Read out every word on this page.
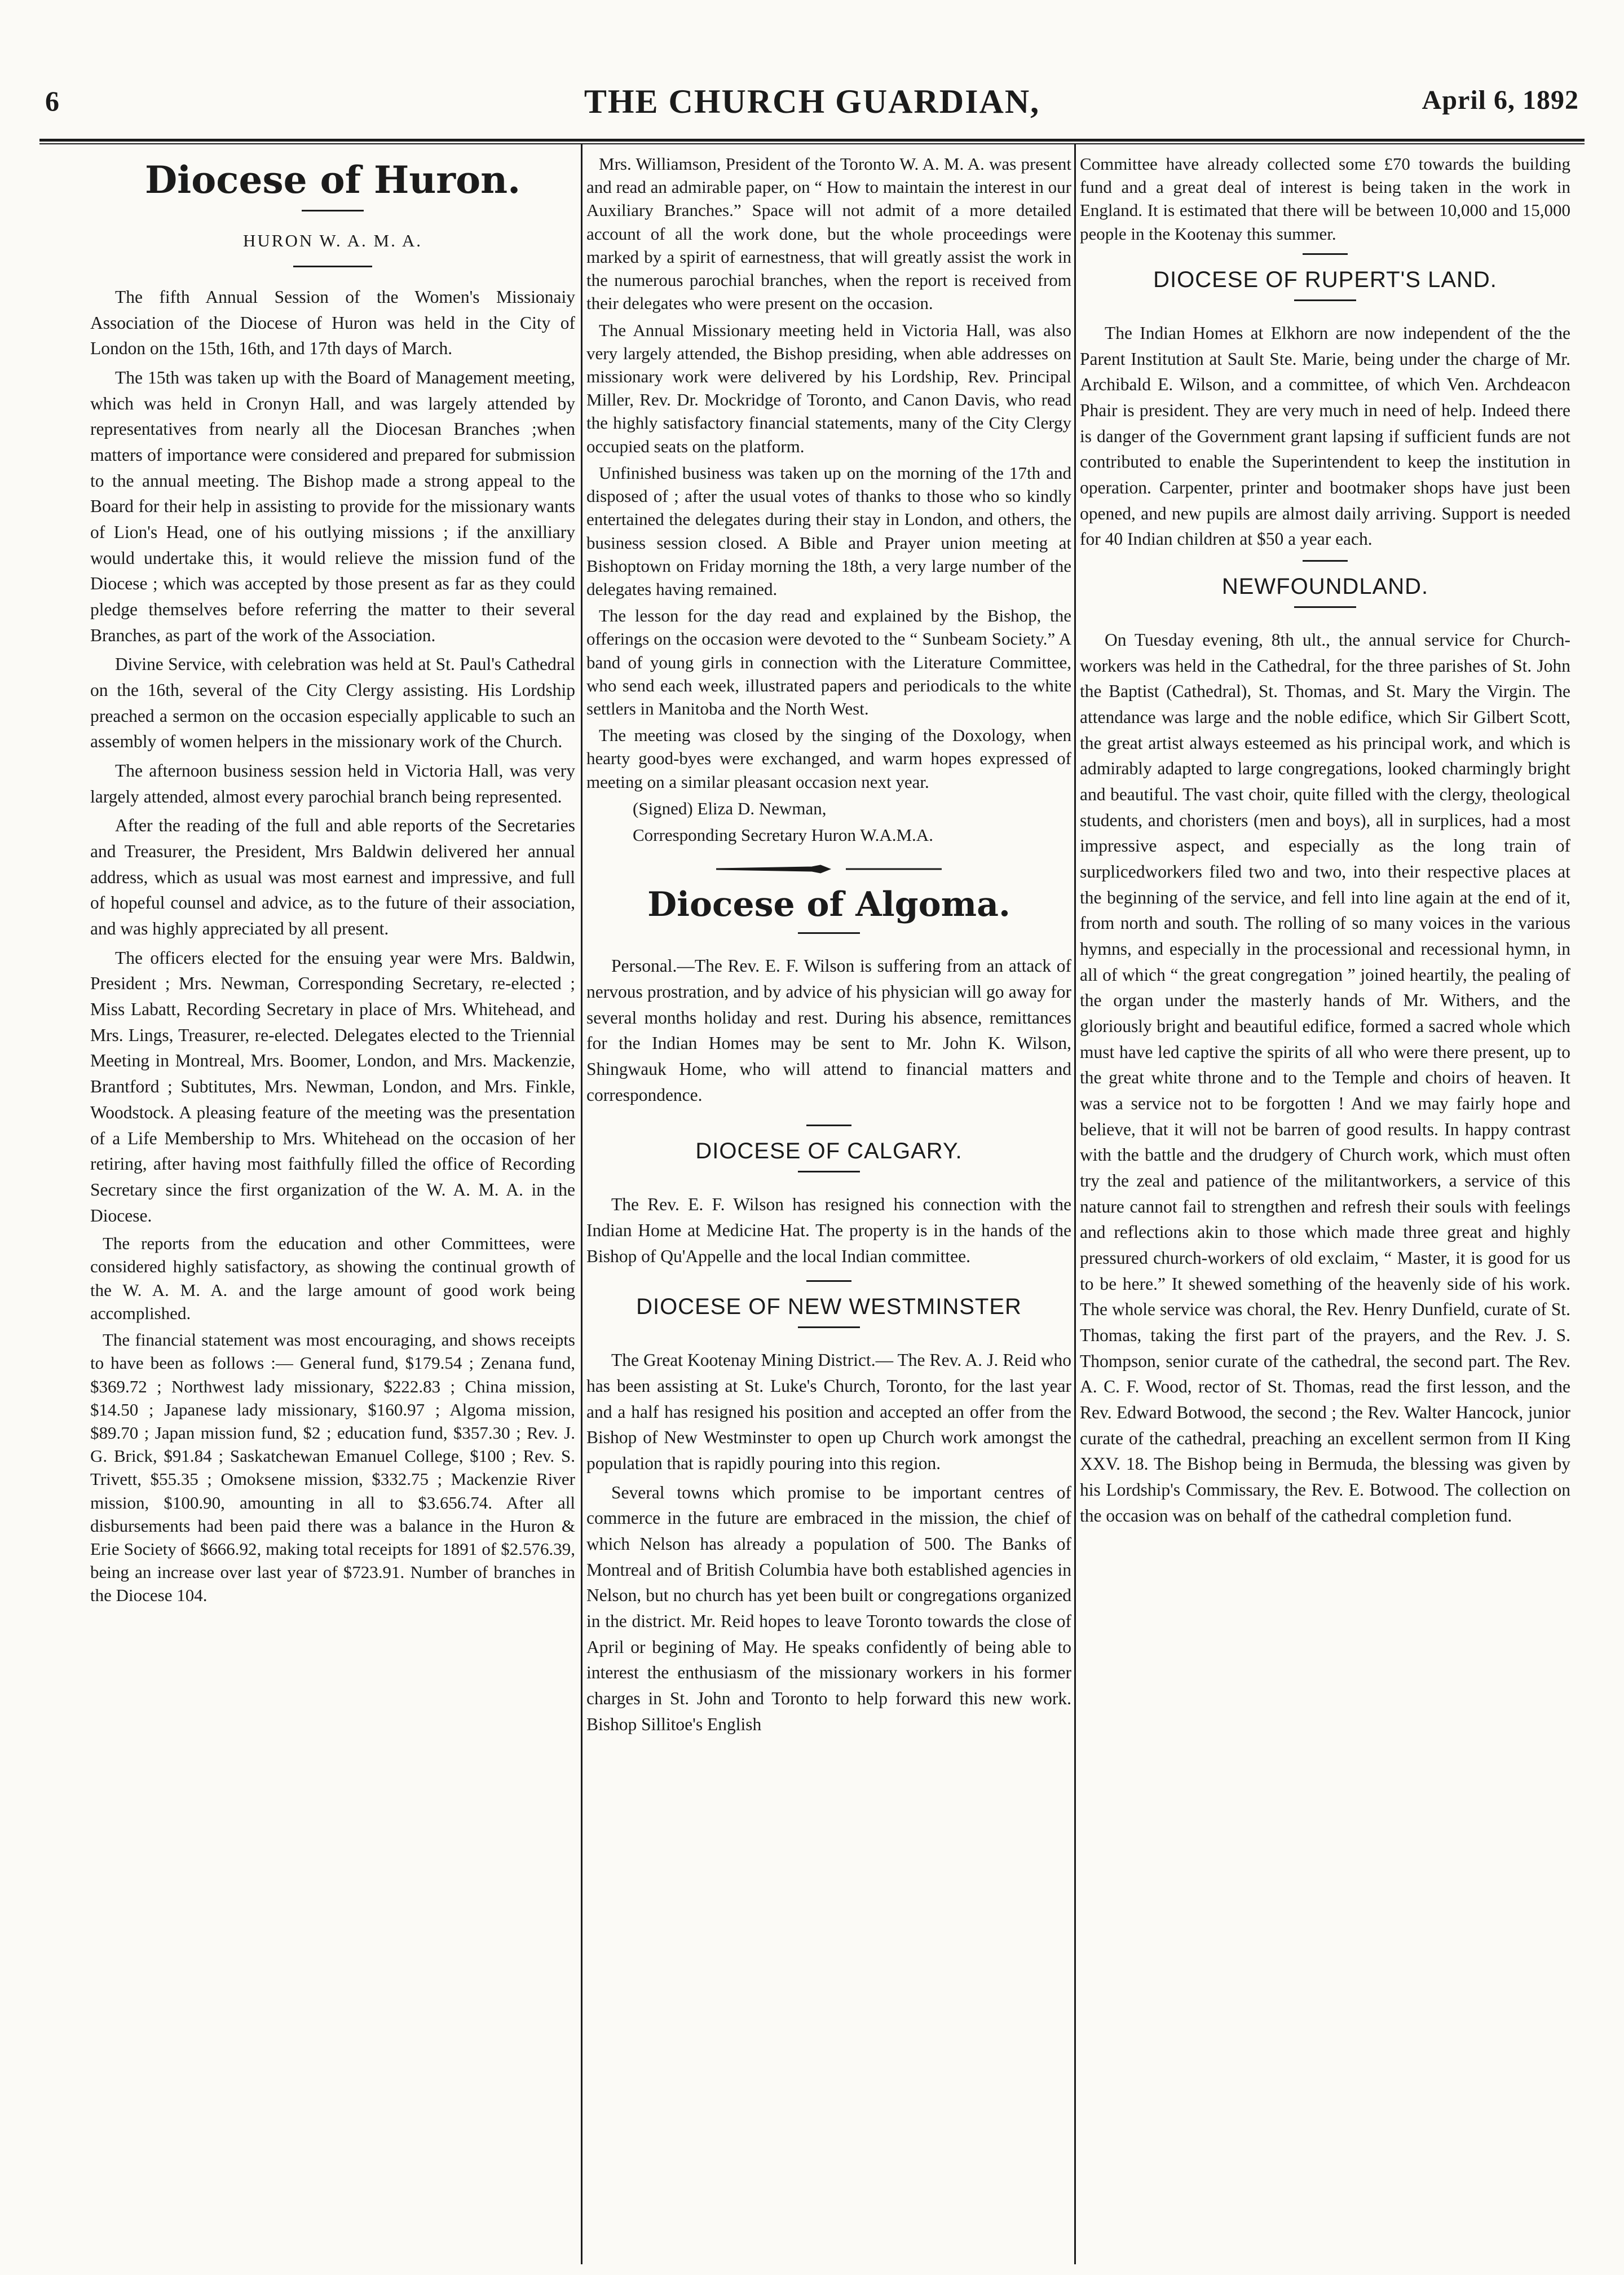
6	THE CHURCH GUARDIAN,	April 6, 1892
Diocese of Huron.
HURON W. A. M. A.

The fifth Annual Session of the Women's Missionaiy Association of the Diocese of Huron was held in the City of London on the 15th, 16th, and 17th days of March.

The 15th was taken up with the Board of Management meeting, which was held in Cronyn Hall, and was largely attended by representatives from nearly all the Diocesan Branches ;when matters of importance were considered and prepared for submission to the annual meeting. The Bishop made a strong appeal to the Board for their help in assisting to provide for the missionary wants of Lion's Head, one of his outlying missions ; if the anxilliary would undertake this, it would relieve the mission fund of the Diocese ; which was accepted by those present as far as they could pledge themselves before referring the matter to their several Branches, as part of the work of the Association.

Divine Service, with celebration was held at St. Paul's Cathedral on the 16th, several of the City Clergy assisting. His Lordship preached a sermon on the occasion especially applicable to such an assembly of women helpers in the missionary work of the Church.

The afternoon business session held in Victoria Hall, was very largely attended, almost every parochial branch being represented.

After the reading of the full and able reports of the Secretaries and Treasurer, the President, Mrs Baldwin delivered her annual address, which as usual was most earnest and impressive, and full of hopeful counsel and advice, as to the future of their association, and was highly appreciated by all present.

The officers elected for the ensuing year were Mrs. Baldwin, President ; Mrs. Newman, Corresponding Secretary, re-elected ; Miss Labatt, Recording Secretary in place of Mrs. Whitehead, and Mrs. Lings, Treasurer, re-elected. Delegates elected to the Triennial Meeting in Montreal, Mrs. Boomer, London, and Mrs. Mackenzie, Brantford ; Subtitutes, Mrs. Newman, London, and Mrs. Finkle, Woodstock. A pleasing feature of the meeting was the presentation of a Life Membership to Mrs. Whitehead on the occasion of her retiring, after having most faithfully filled the office of Recording Secretary since the first organization of the W. A. M. A. in the Diocese.

The reports from the education and other Committees, were considered highly satisfactory, as showing the continual growth of the W. A. M. A. and the large amount of good work being accomplished.

The financial statement was most encouraging, and shows receipts to have been as follows :— General fund, $179.54 ; Zenana fund, $369.72 ; Northwest lady missionary, $222.83 ; China mission, $14.50 ; Japanese lady missionary, $160.97 ; Algoma mission, $89.70 ; Japan mission fund, $2 ; education fund, $357.30 ; Rev. J. G. Brick, $91.84 ; Saskatchewan Emanuel College, $100 ; Rev. S. Trivett, $55.35 ; Omoksene mission, $332.75 ; Mackenzie River mission, $100.90, amounting in all to $3.656.74. After all disbursements had been paid there was a balance in the Huron & Erie Society of $666.92, making total receipts for 1891 of $2.576.39, being an increase over last year of $723.91. Number of branches in the Diocese 104.

Mrs. Williamson, President of the Toronto W. A. M. A. was present and read an admirable paper, on “ How to maintain the interest in our Auxiliary Branches.” Space will not admit of a more detailed account of all the work done, but the whole proceedings were marked by a spirit of earnestness, that will greatly assist the work in the numerous parochial branches, when the report is received from their delegates who were present on the occasion.

The Annual Missionary meeting held in Victoria Hall, was also very largely attended, the Bishop presiding, when able addresses on missionary work were delivered by his Lordship, Rev. Principal Miller, Rev. Dr. Mockridge of Toronto, and Canon Davis, who read the highly satisfactory financial statements, many of the City Clergy occupied seats on the platform.

Unfinished business was taken up on the morning of the 17th and disposed of ; after the usual votes of thanks to those who so kindly entertained the delegates during their stay in London, and others, the business session closed. A Bible and Prayer union meeting at Bishoptown on Friday morning the 18th, a very large number of the delegates having remained.

The lesson for the day read and explained by the Bishop, the offerings on the occasion were devoted to the “ Sunbeam Society.” A band of young girls in connection with the Literature Committee, who send each week, illustrated papers and periodicals to the white settlers in Manitoba and the North West.

The meeting was closed by the singing of the Doxology, when hearty good-byes were exchanged, and warm hopes expressed of meeting on a similar pleasant occasion next year.

(Signed) Eliza D. Newman,

Corresponding Secretary Huron W.A.M.A.

Diocese of Algoma.

Personal.—The Rev. E. F. Wilson is suffering from an attack of nervous prostration, and by advice of his physician will go away for several months holiday and rest. During his absence, remittances for the Indian Homes may be sent to Mr. John K. Wilson, Shingwauk Home, who will attend to financial matters and correspondence.

DIOCESE OF CALGARY.

The Rev. E. F. Wilson has resigned his connection with the Indian Home at Medicine Hat. The property is in the hands of the Bishop of Qu'Appelle and the local Indian committee.

DIOCESE OF NEW WESTMINSTER

The Great Kootenay Mining District.— The Rev. A. J. Reid who has been assisting at St. Luke's Church, Toronto, for the last year and a half has resigned his position and accepted an offer from the Bishop of New Westminster to open up Church work amongst the population that is rapidly pouring into this region.

Several towns which promise to be important centres of commerce in the future are embraced in the mission, the chief of which Nelson has already a population of 500. The Banks of Montreal and of British Columbia have both established agencies in Nelson, but no church has yet been built or congregations organized in the district. Mr. Reid hopes to leave Toronto towards the close of April or begining of May. He speaks confidently of being able to interest the enthusiasm of the missionary workers in his former charges in St. John and Toronto to help forward this new work. Bishop Sillitoe's English

Committee have already collected some £70 towards the building fund and a great deal of interest is being taken in the work in England. It is estimated that there will be between 10,000 and 15,000 people in the Kootenay this summer.

DIOCESE OF RUPERT'S LAND.

The Indian Homes at Elkhorn are now independent of the the Parent Institution at Sault Ste. Marie, being under the charge of Mr. Archibald E. Wilson, and a committee, of which Ven. Archdeacon Phair is president. They are very much in need of help. Indeed there is danger of the Government grant lapsing if sufficient funds are not contributed to enable the Superintendent to keep the institution in operation. Carpenter, printer and bootmaker shops have just been opened, and new pupils are almost daily arriving. Support is needed for 40 Indian children at $50 a year each.

NEWFOUNDLAND.

On Tuesday evening, 8th ult., the annual service for Church-workers was held in the Cathedral, for the three parishes of St. John the Baptist (Cathedral), St. Thomas, and St. Mary the Virgin. The attendance was large and the noble edifice, which Sir Gilbert Scott, the great artist always esteemed as his principal work, and which is admirably adapted to large congregations, looked charmingly bright and beautiful. The vast choir, quite filled with the clergy, theological students, and choristers (men and boys), all in surplices, had a most impressive aspect, and especially as the long train of surplicedworkers filed two and two, into their respective places at the beginning of the service, and fell into line again at the end of it, from north and south. The rolling of so many voices in the various hymns, and especially in the processional and recessional hymn, in all of which “ the great congregation ” joined heartily, the pealing of the organ under the masterly hands of Mr. Withers, and the gloriously bright and beautiful edifice, formed a sacred whole which must have led captive the spirits of all who were there present, up to the great white throne and to the Temple and choirs of heaven. It was a service not to be forgotten ! And we may fairly hope and believe, that it will not be barren of good results. In happy contrast with the battle and the drudgery of Church work, which must often try the zeal and patience of the militantworkers, a service of this nature cannot fail to strengthen and refresh their souls with feelings and reflections akin to those which made three great and highly pressured church-workers of old exclaim, “ Master, it is good for us to be here.” It shewed something of the heavenly side of his work. The whole service was choral, the Rev. Henry Dunfield, curate of St. Thomas, taking the first part of the prayers, and the Rev. J. S. Thompson, senior curate of the cathedral, the second part. The Rev. A. C. F. Wood, rector of St. Thomas, read the first lesson, and the Rev. Edward Botwood, the second ; the Rev. Walter Hancock, junior curate of the cathedral, preaching an excellent sermon from II King XXV. 18. The Bishop being in Bermuda, the blessing was given by his Lordship's Commissary, the Rev. E. Botwood. The collection on the occasion was on behalf of the cathedral completion fund.
